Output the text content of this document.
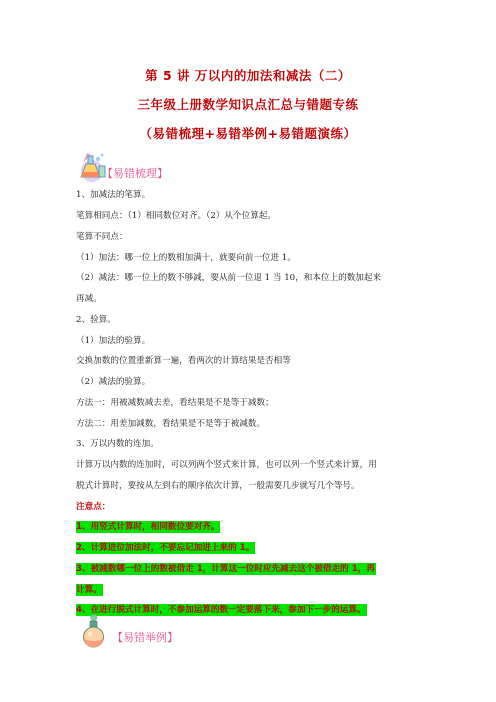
第 5 讲 万以内的加法和减法（二）
三年级上册数学知识点汇总与错题专练
（易错梳理+易错举例+易错题演练）
【易错梳理】
1、加减法的笔算。
笔算相同点：（1）相同数位对齐。（2）从个位算起。
笔算不同点：
（1）加法：哪一位上的数相加满十，就要向前一位进 1。
（2）减法：哪一位上的数不够减，要从前一位退 1 当 10，和本位上的数加起来
再减。
2、验算。
（1）加法的验算。
交换加数的位置重新算一遍，看两次的计算结果是否相等
（2）减法的验算。
方法一：用被减数减去差，看结果是不是等于减数；
方法二：用差加减数，看结果是不是等于被减数。
3、万以内数的连加。
计算万以内数的连加时，可以列两个竖式来计算，也可以列一个竖式来计算，用
脱式计算时，要按从左到右的顺序依次计算，一般需要几步就写几个等号。
注意点：
1、用竖式计算时，相同数位要对齐。
2、计算进位加法时，不要忘记加进上来的 1。
3、被减数哪一位上的数被借走 1，计算这一位时应先减去这个被借走的 1，再
计算。
4、在进行脱式计算时，不参加运算的数一定要落下来，参加下一步的运算。
【易错举例】
